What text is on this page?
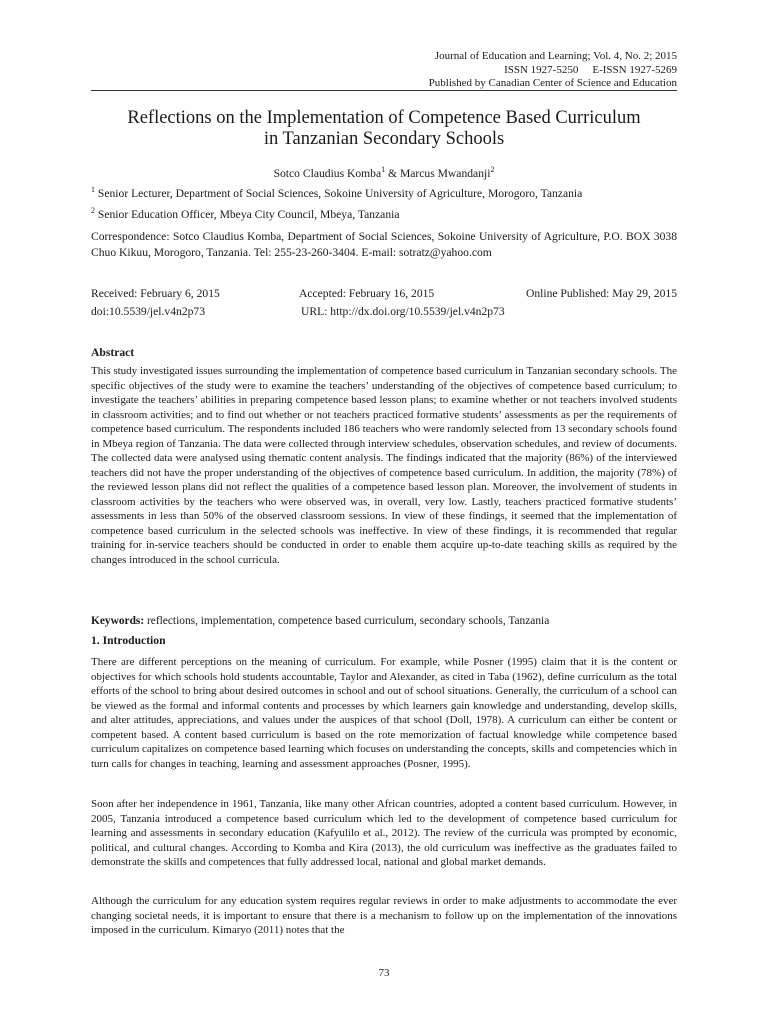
Journal of Education and Learning; Vol. 4, No. 2; 2015
ISSN 1927-5250 E-ISSN 1927-5269
Published by Canadian Center of Science and Education
Reflections on the Implementation of Competence Based Curriculum
in Tanzanian Secondary Schools
Sotco Claudius Komba$^1$ & Marcus Mwandanji$^2$
$^1$ Senior Lecturer, Department of Social Sciences, Sokoine University of Agriculture, Morogoro, Tanzania
$^2$ Senior Education Officer, Mbeya City Council, Mbeya, Tanzania
Correspondence: Sotco Claudius Komba, Department of Social Sciences, Sokoine University of Agriculture, P.O. BOX 3038 Chuo Kikuu, Morogoro, Tanzania. Tel: 255-23-260-3404. E-mail: sotratz@yahoo.com
Received: February 6, 2015	Accepted: February 16, 2015	Online Published: May 29, 2015
doi:10.5539/jel.v4n2p73	URL: http://dx.doi.org/10.5539/jel.v4n2p73
Abstract

This study investigated issues surrounding the implementation of competence based curriculum in Tanzanian secondary schools. The specific objectives of the study were to examine the teachers’ understanding of the objectives of competence based curriculum; to investigate the teachers’ abilities in preparing competence based lesson plans; to examine whether or not teachers involved students in classroom activities; and to find out whether or not teachers practiced formative students’ assessments as per the requirements of competence based curriculum. The respondents included 186 teachers who were randomly selected from 13 secondary schools found in Mbeya region of Tanzania. The data were collected through interview schedules, observation schedules, and review of documents. The collected data were analysed using thematic content analysis. The findings indicated that the majority (86%) of the interviewed teachers did not have the proper understanding of the objectives of competence based curriculum. In addition, the majority (78%) of the reviewed lesson plans did not reflect the qualities of a competence based lesson plan. Moreover, the involvement of students in classroom activities by the teachers who were observed was, in overall, very low. Lastly, teachers practiced formative students’ assessments in less than 50% of the observed classroom sessions. In view of these findings, it seemed that the implementation of competence based curriculum in the selected schools was ineffective. In view of these findings, it is recommended that regular training for in-service teachers should be conducted in order to enable them acquire up-to-date teaching skills as required by the changes introduced in the school curricula.

Keywords: reflections, implementation, competence based curriculum, secondary schools, Tanzania
1. Introduction

There are different perceptions on the meaning of curriculum. For example, while Posner (1995) claim that it is the content or objectives for which schools hold students accountable, Taylor and Alexander, as cited in Taba (1962), define curriculum as the total efforts of the school to bring about desired outcomes in school and out of school situations. Generally, the curriculum of a school can be viewed as the formal and informal contents and processes by which learners gain knowledge and understanding, develop skills, and alter attitudes, appreciations, and values under the auspices of that school (Doll, 1978). A curriculum can either be content or competent based. A content based curriculum is based on the rote memorization of factual knowledge while competence based curriculum capitalizes on competence based learning which focuses on understanding the concepts, skills and competencies which in turn calls for changes in teaching, learning and assessment approaches (Posner, 1995).

Soon after her independence in 1961, Tanzania, like many other African countries, adopted a content based curriculum. However, in 2005, Tanzania introduced a competence based curriculum which led to the development of competence based curriculum for learning and assessments in secondary education (Kafyulilo et al., 2012). The review of the curricula was prompted by economic, political, and cultural changes. According to Komba and Kira (2013), the old curriculum was ineffective as the graduates failed to demonstrate the skills and competences that fully addressed local, national and global market demands.

Although the curriculum for any education system requires regular reviews in order to make adjustments to accommodate the ever changing societal needs, it is important to ensure that there is a mechanism to follow up on the implementation of the innovations imposed in the curriculum. Kimaryo (2011) notes that the

73
